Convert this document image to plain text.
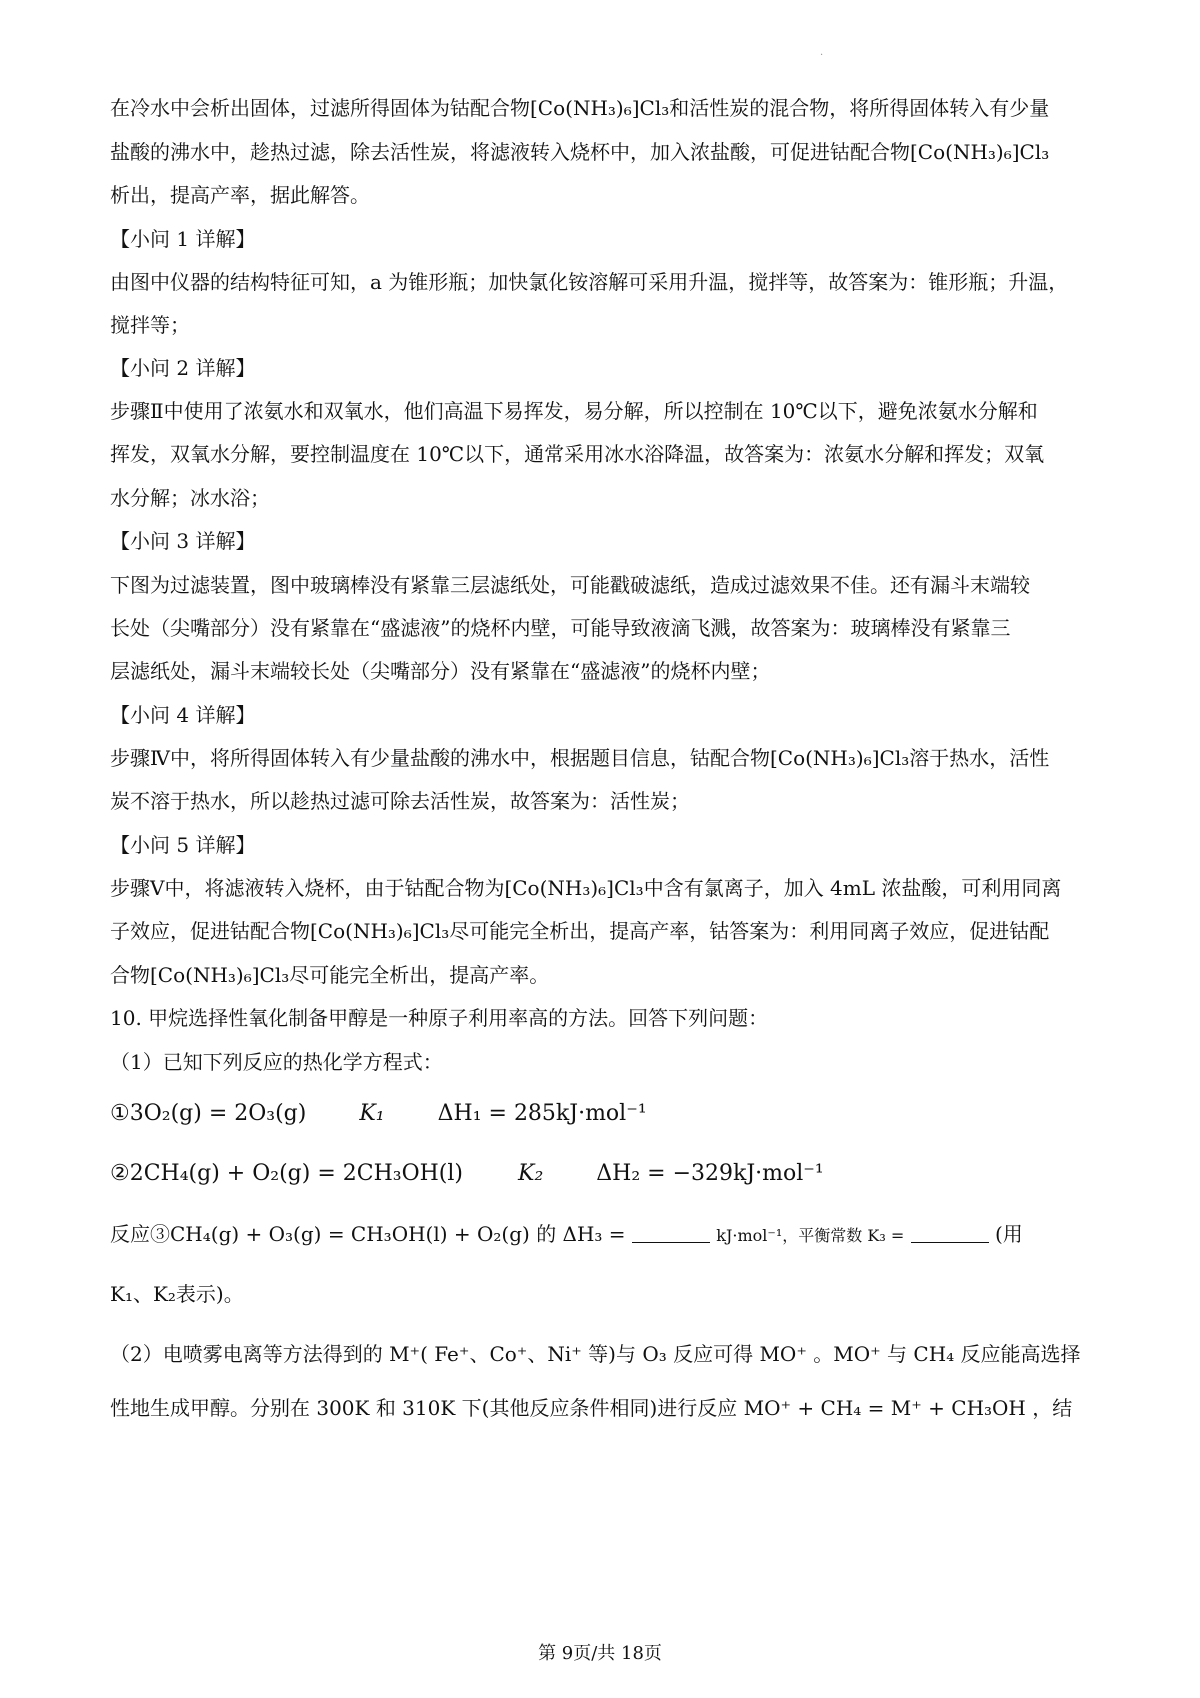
·
在冷水中会析出固体，过滤所得固体为钴配合物[Co(NH₃)₆]Cl₃和活性炭的混合物，将所得固体转入有少量
盐酸的沸水中，趁热过滤，除去活性炭，将滤液转入烧杯中，加入浓盐酸，可促进钴配合物[Co(NH₃)₆]Cl₃
析出，提高产率，据此解答。
【小问 1 详解】
由图中仪器的结构特征可知，a 为锥形瓶；加快氯化铵溶解可采用升温，搅拌等，故答案为：锥形瓶；升温，
搅拌等；
【小问 2 详解】
步骤Ⅱ中使用了浓氨水和双氧水，他们高温下易挥发，易分解，所以控制在 10℃以下，避免浓氨水分解和
挥发，双氧水分解，要控制温度在 10℃以下，通常采用冰水浴降温，故答案为：浓氨水分解和挥发；双氧
水分解；冰水浴；
【小问 3 详解】
下图为过滤装置，图中玻璃棒没有紧靠三层滤纸处，可能戳破滤纸，造成过滤效果不佳。还有漏斗末端较
长处（尖嘴部分）没有紧靠在“盛滤液”的烧杯内壁，可能导致液滴飞溅，故答案为：玻璃棒没有紧靠三
层滤纸处，漏斗末端较长处（尖嘴部分）没有紧靠在“盛滤液”的烧杯内壁；
【小问 4 详解】
步骤Ⅳ中，将所得固体转入有少量盐酸的沸水中，根据题目信息，钴配合物[Co(NH₃)₆]Cl₃溶于热水，活性
炭不溶于热水，所以趁热过滤可除去活性炭，故答案为：活性炭；
【小问 5 详解】
步骤Ⅴ中，将滤液转入烧杯，由于钴配合物为[Co(NH₃)₆]Cl₃中含有氯离子，加入 4mL 浓盐酸，可利用同离
子效应，促进钴配合物[Co(NH₃)₆]Cl₃尽可能完全析出，提高产率，钴答案为：利用同离子效应，促进钴配
合物[Co(NH₃)₆]Cl₃尽可能完全析出，提高产率。
10. 甲烷选择性氧化制备甲醇是一种原子利用率高的方法。回答下列问题：
（1）已知下列反应的热化学方程式：
①3O₂(g) = 2O₃(g) K₁ ΔH₁ = 285kJ·mol⁻¹
②2CH₄(g) + O₂(g) = 2CH₃OH(l)	K₂ ΔH₂ = −329kJ·mol⁻¹
反应③CH₄(g) + O₃(g) = CH₃OH(l) + O₂(g) 的 ΔH₃ =	kJ·mol⁻¹，平衡常数 K₃ =	(用
K₁、K₂表示)。
（2）电喷雾电离等方法得到的 M⁺( Fe⁺、Co⁺、Ni⁺ 等)与 O₃ 反应可得 MO⁺ 。MO⁺ 与 CH₄ 反应能高选择
性地生成甲醇。分别在 300K 和 310K 下(其他反应条件相同)进行反应 MO⁺ + CH₄ = M⁺ + CH₃OH ，结
第 9页/共 18页
